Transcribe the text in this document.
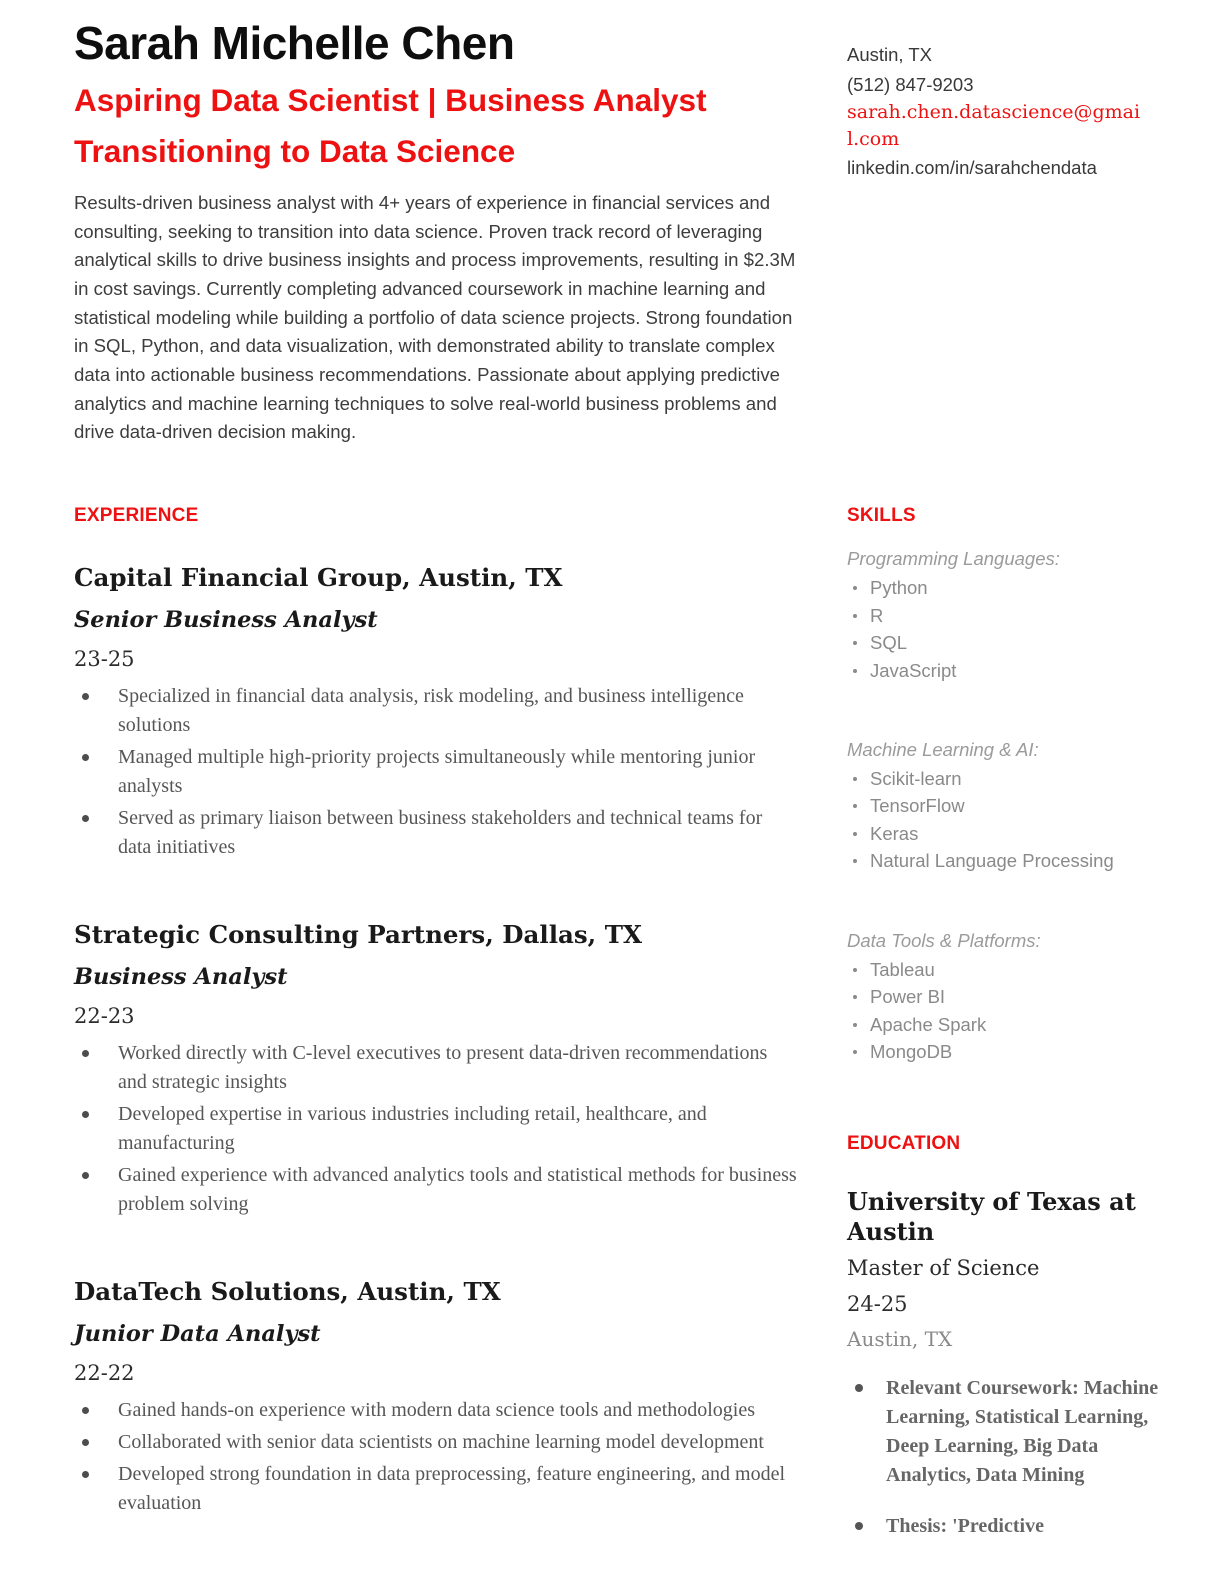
Sarah Michelle Chen
Aspiring Data Scientist | Business Analyst Transitioning to Data Science

Results-driven business analyst with 4+ years of experience in financial services and consulting, seeking to transition into data science. Proven track record of leveraging analytical skills to drive business insights and process improvements, resulting in $2.3M in cost savings. Currently completing advanced coursework in machine learning and statistical modeling while building a portfolio of data science projects. Strong foundation in SQL, Python, and data visualization, with demonstrated ability to translate complex data into actionable business recommendations. Passionate about applying predictive analytics and machine learning techniques to solve real-world business problems and drive data-driven decision making.

Austin, TX
(512) 847-9203
sarah.chen.datascience@gmail.com
linkedin.com/in/sarahchendata
EXPERIENCE
Capital Financial Group, Austin, TX
Senior Business Analyst
23-25
Specialized in financial data analysis, risk modeling, and business intelligence solutions
Managed multiple high-priority projects simultaneously while mentoring junior analysts
Served as primary liaison between business stakeholders and technical teams for data initiatives
Strategic Consulting Partners, Dallas, TX
Business Analyst
22-23
Worked directly with C-level executives to present data-driven recommendations and strategic insights
Developed expertise in various industries including retail, healthcare, and manufacturing
Gained experience with advanced analytics tools and statistical methods for business problem solving
DataTech Solutions, Austin, TX
Junior Data Analyst
22-22
Gained hands-on experience with modern data science tools and methodologies
Collaborated with senior data scientists on machine learning model development
Developed strong foundation in data preprocessing, feature engineering, and model evaluation
SKILLS
Programming Languages:
Python
R
SQL
JavaScript
Machine Learning & AI:
Scikit-learn
TensorFlow
Keras
Natural Language Processing
Data Tools & Platforms:
Tableau
Power BI
Apache Spark
MongoDB
EDUCATION
University of Texas at Austin
Master of Science
24-25
Austin, TX
Relevant Coursework: Machine Learning, Statistical Learning, Deep Learning, Big Data Analytics, Data Mining
Thesis: 'Predictive
